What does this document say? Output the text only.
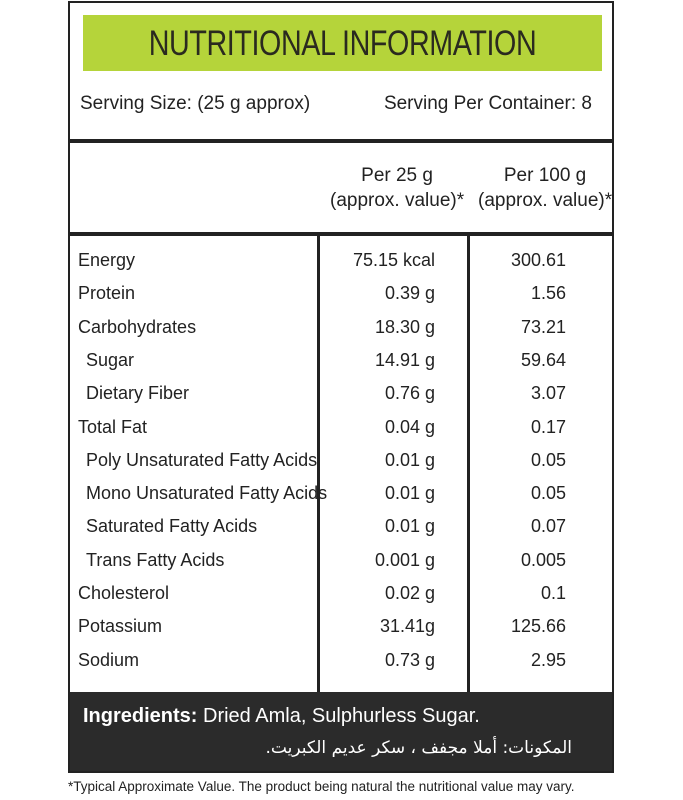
NUTRITIONAL INFORMATION
Serving Size: (25 g approx)	Serving Per Container: 8
Per 25 g
(approx. value)*
Per 100 g
(approx. value)*
Energy	75.15 kcal	300.61
Protein	0.39 g	1.56
Carbohydrates	18.30 g	73.21
Sugar	14.91 g	59.64
Dietary Fiber	0.76 g	3.07
Total Fat	0.04 g	0.17
Poly Unsaturated Fatty Acids	0.01 g	0.05
Mono Unsaturated Fatty Acids	0.01 g	0.05
Saturated Fatty Acids	0.01 g	0.07
Trans Fatty Acids	0.001 g	0.005
Cholesterol	0.02 g	0.1
Potassium	31.41g	125.66
Sodium	0.73 g	2.95
Ingredients: Dried Amla, Sulphurless Sugar.
المكونات: أملا مجفف ، سكر عديم الكبريت.
*Typical Approximate Value. The product being natural the nutritional value may vary.
